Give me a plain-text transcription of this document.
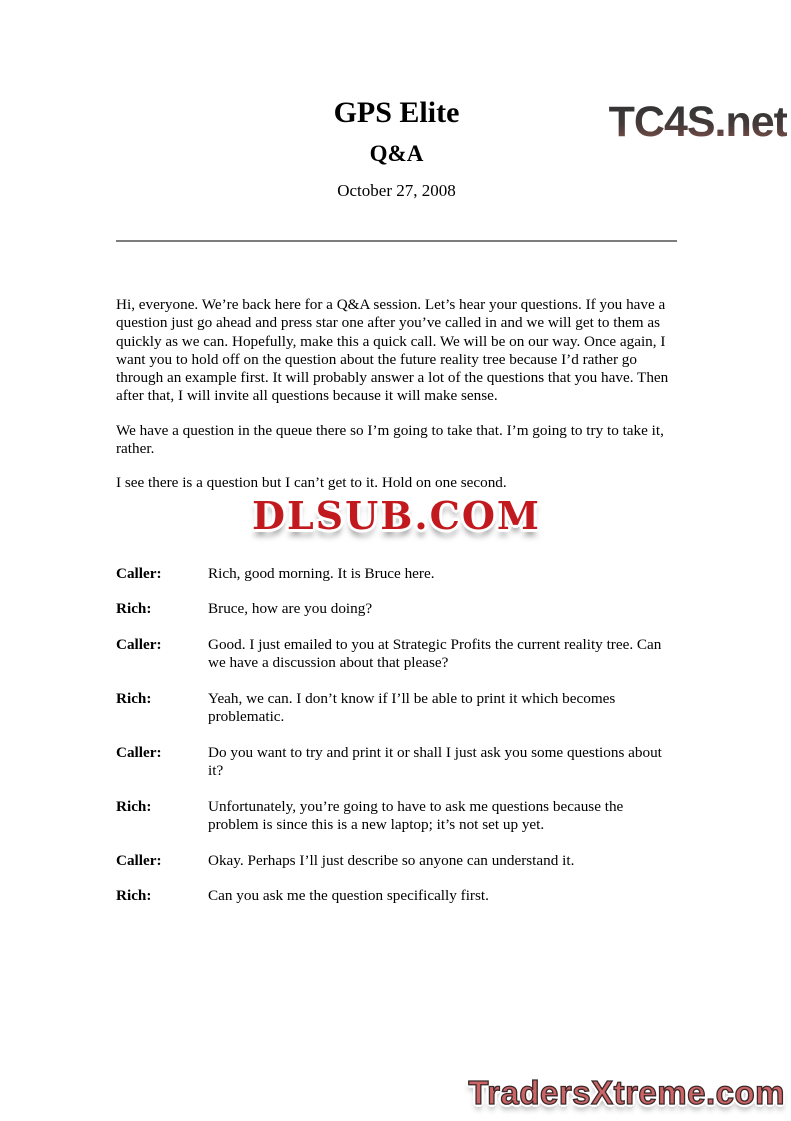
TC4S.net
GPS Elite
Q&A
October 27, 2008

Hi, everyone. We’re back here for a Q&A session. Let’s hear your questions. If you have a question just go ahead and press star one after you’ve called in and we will get to them as quickly as we can. Hopefully, make this a quick call. We will be on our way. Once again, I want you to hold off on the question about the future reality tree because I’d rather go through an example first. It will probably answer a lot of the questions that you have. Then after that, I will invite all questions because it will make sense.

We have a question in the queue there so I’m going to take that. I’m going to try to take it, rather.

I see there is a question but I can’t get to it. Hold on one second.

DLSUB.COM
Caller:	Rich, good morning. It is Bruce here.
Rich:	Bruce, how are you doing?
Caller:	Good. I just emailed to you at Strategic Profits the current reality tree. Can we have a discussion about that please?
Rich:	Yeah, we can. I don’t know if I’ll be able to print it which becomes problematic.
Caller:	Do you want to try and print it or shall I just ask you some questions about it?
Rich:	Unfortunately, you’re going to have to ask me questions because the problem is since this is a new laptop; it’s not set up yet.
Caller:	Okay. Perhaps I’ll just describe so anyone can understand it.
Rich:	Can you ask me the question specifically first.
TradersXtreme.com
